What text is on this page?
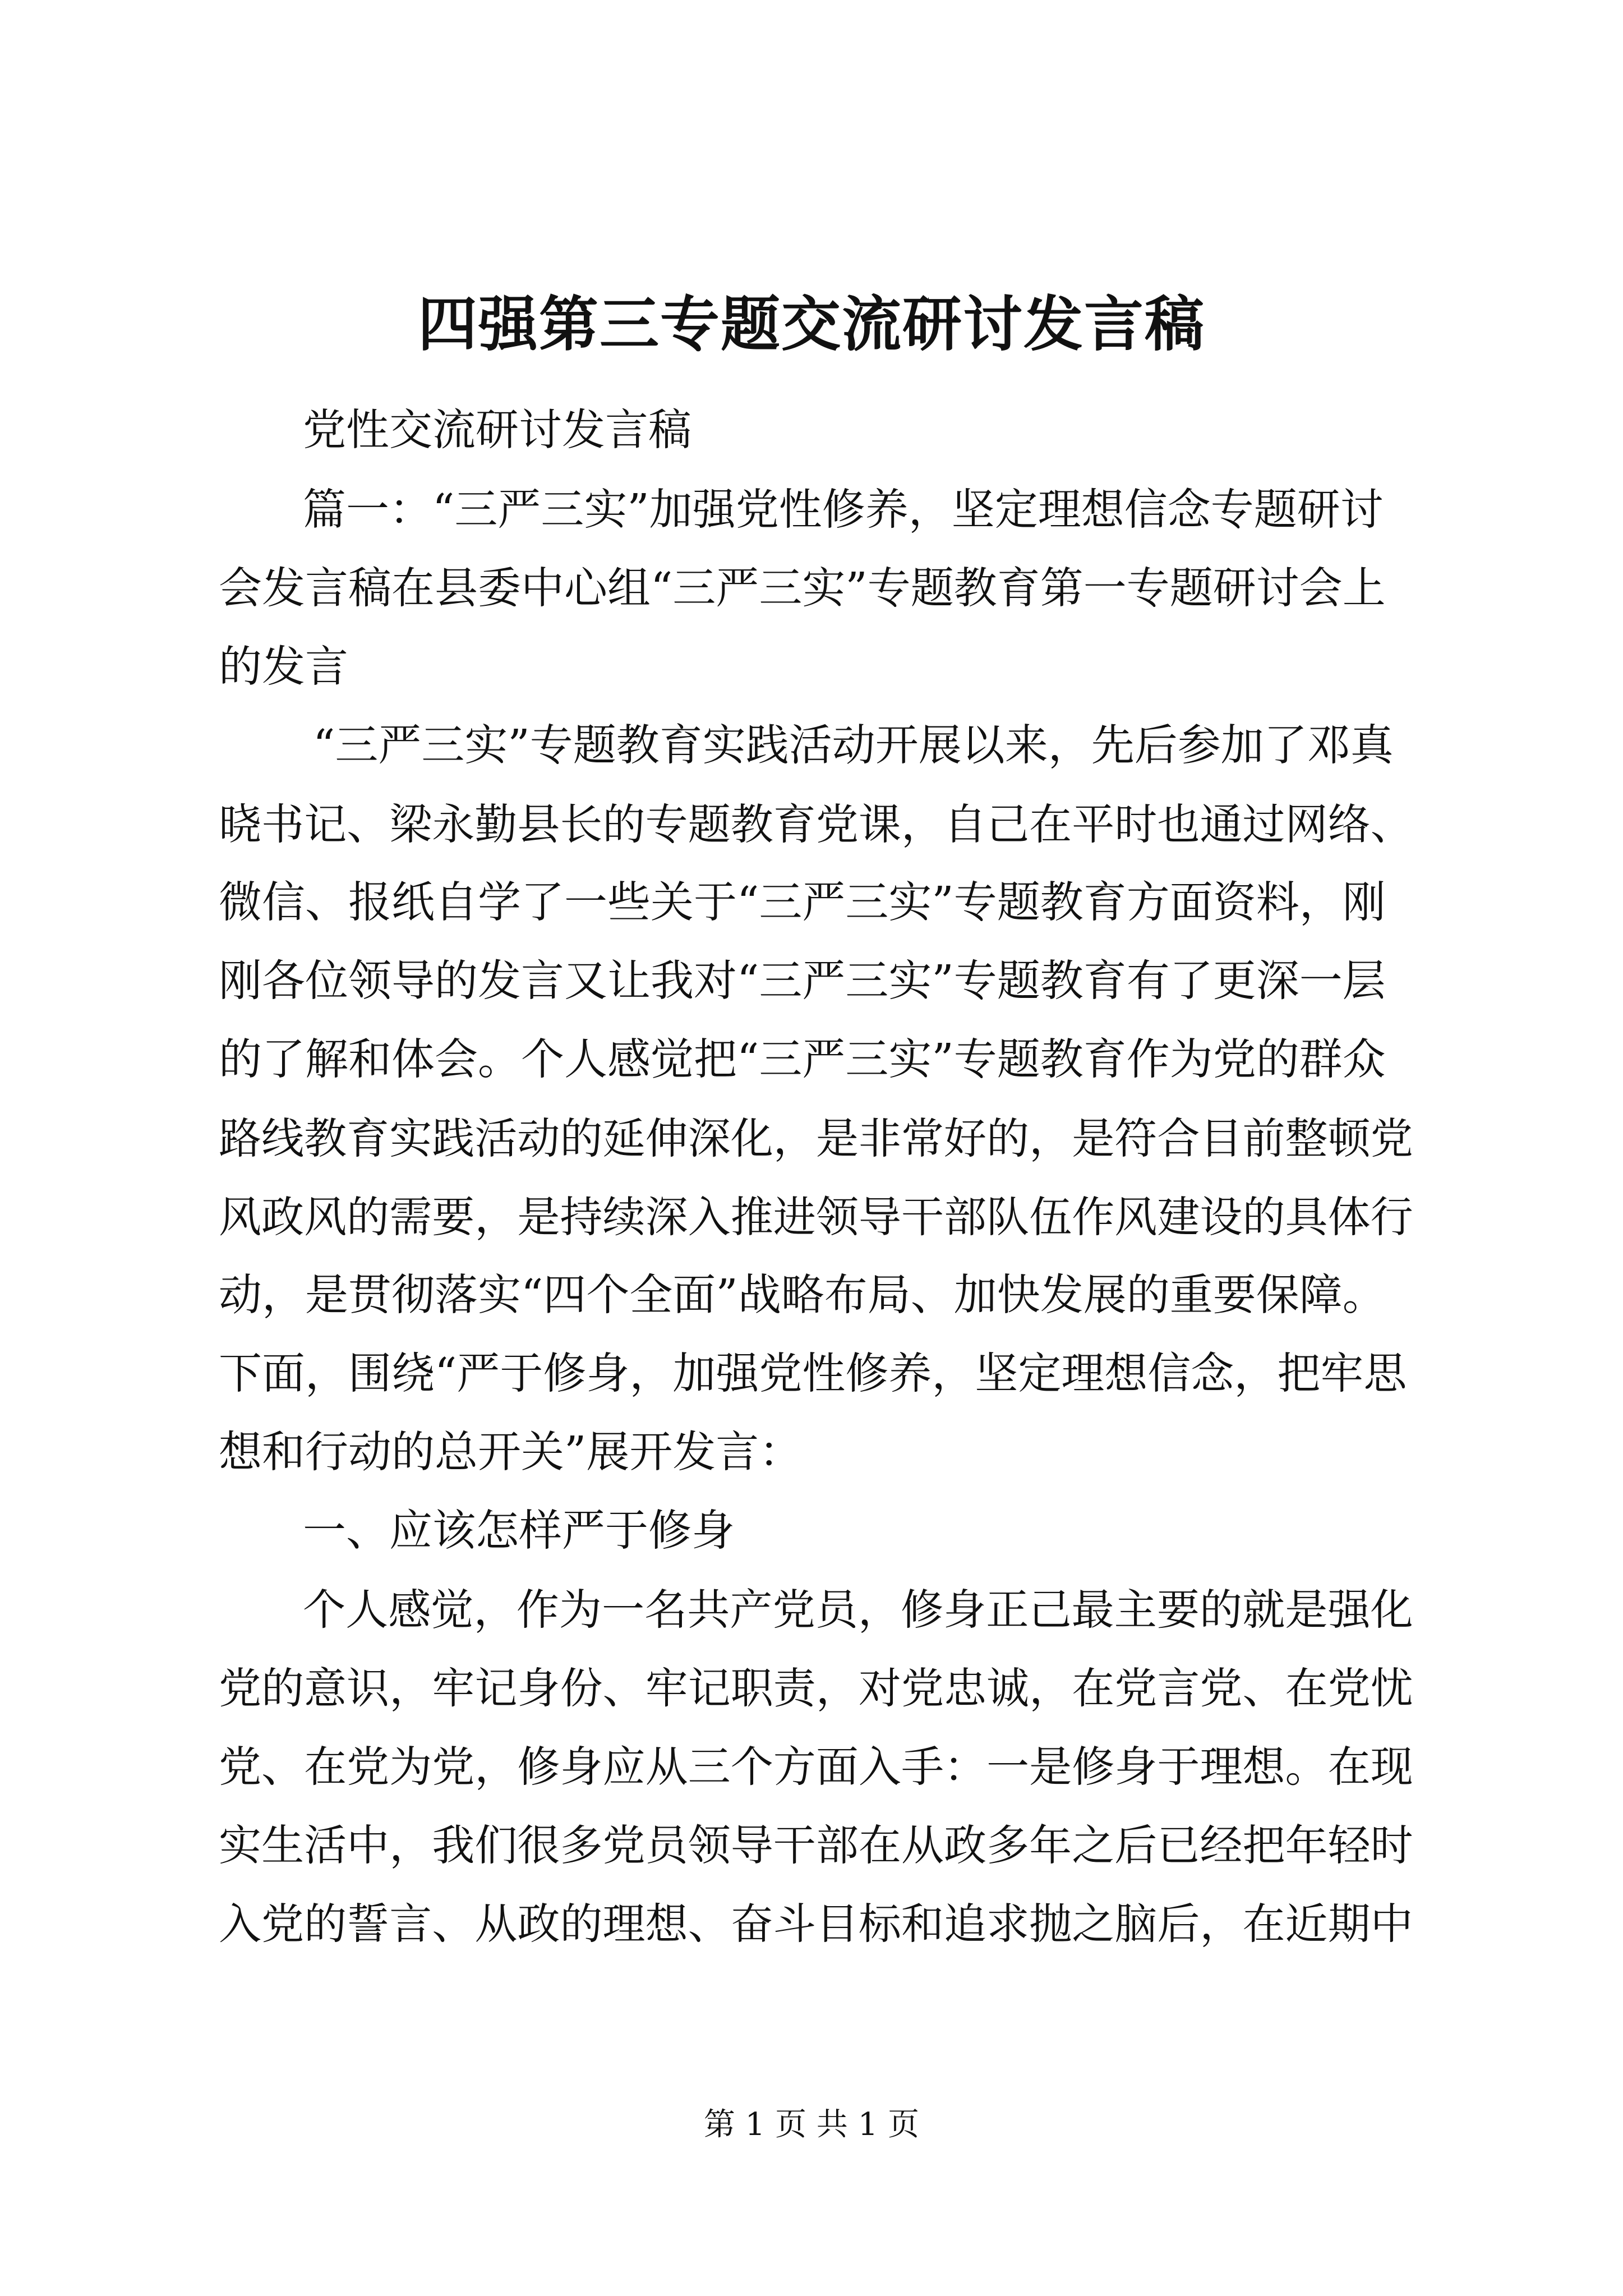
四强第三专题交流研讨发言稿
党性交流研讨发言稿
篇一：“三严三实”加强党性修养，坚定理想信念专题研讨
会发言稿在县委中心组“三严三实”专题教育第一专题研讨会上
的发言
“三严三实”专题教育实践活动开展以来，先后参加了邓真
晓书记、梁永勤县长的专题教育党课，自己在平时也通过网络、
微信、报纸自学了一些关于“三严三实”专题教育方面资料，刚
刚各位领导的发言又让我对“三严三实”专题教育有了更深一层
的了解和体会。个人感觉把“三严三实”专题教育作为党的群众
路线教育实践活动的延伸深化，是非常好的，是符合目前整顿党
风政风的需要，是持续深入推进领导干部队伍作风建设的具体行
动，是贯彻落实“四个全面”战略布局、加快发展的重要保障。
下面，围绕“严于修身，加强党性修养，坚定理想信念，把牢思
想和行动的总开关”展开发言：
一、应该怎样严于修身
个人感觉，作为一名共产党员，修身正己最主要的就是强化
党的意识，牢记身份、牢记职责，对党忠诚，在党言党、在党忧
党、在党为党，修身应从三个方面入手：一是修身于理想。在现
实生活中，我们很多党员领导干部在从政多年之后已经把年轻时
入党的誓言、从政的理想、奋斗目标和追求抛之脑后，在近期中
第 1 页 共 1 页
